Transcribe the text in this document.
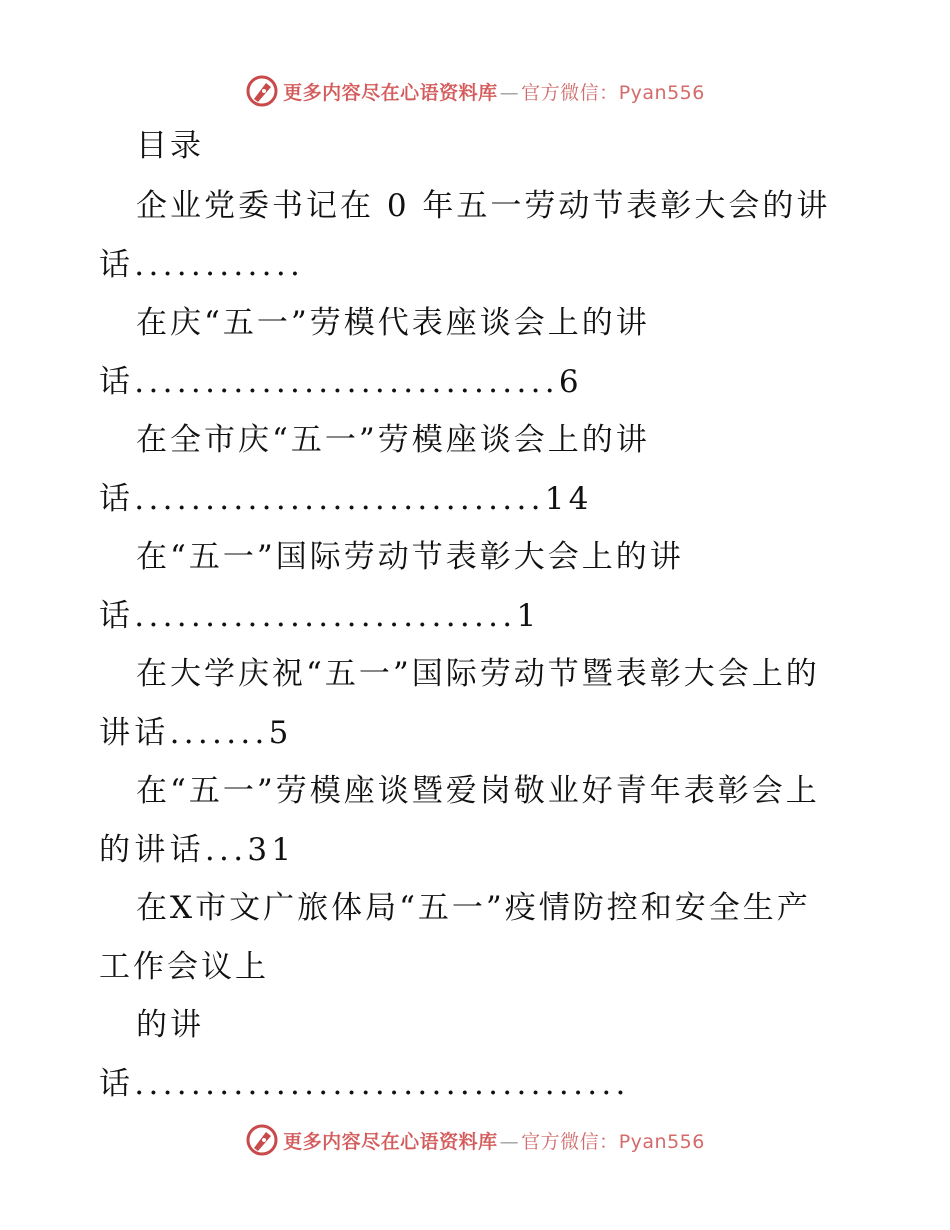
更多内容尽在心语资料库 — 官方微信：Pyan556
目录
企业党委书记在 0 年五一劳动节表彰大会的讲
话............
在庆“五一”劳模代表座谈会上的讲
话..............................6
在全市庆“五一”劳模座谈会上的讲
话.............................14
在“五一”国际劳动节表彰大会上的讲
话...........................1
在大学庆祝“五一”国际劳动节暨表彰大会上的
讲话.......5
在“五一”劳模座谈暨爱岗敬业好青年表彰会上
的讲话...31
在X市文广旅体局“五一”疫情防控和安全生产
工作会议上
的讲
话...................................
更多内容尽在心语资料库 — 官方微信：Pyan556
